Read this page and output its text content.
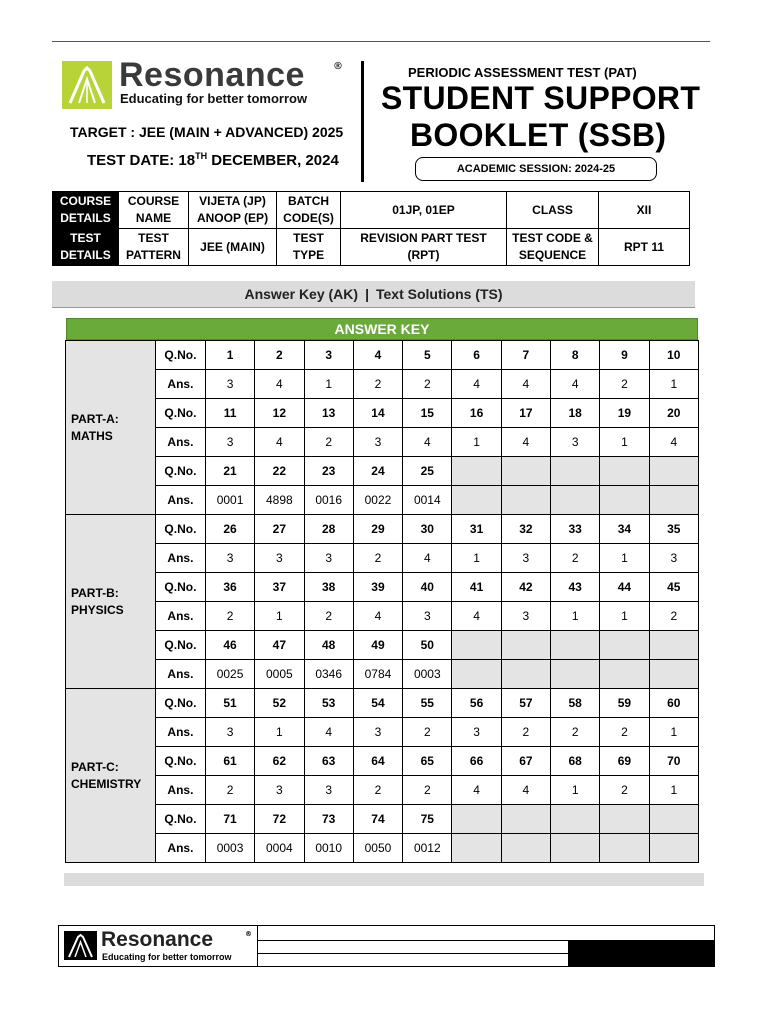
Resonance	®
Educating for better tomorrow
TARGET : JEE (MAIN + ADVANCED) 2025
TEST DATE: 18TH DECEMBER, 2024
PERIODIC ASSESSMENT TEST (PAT)
STUDENT SUPPORT
BOOKLET (SSB)
ACADEMIC SESSION: 2024-25
COURSE DETAILS	COURSE NAME	VIJETA (JP) ANOOP (EP)	BATCH CODE(S)	01JP, 01EP	CLASS	XII
TEST DETAILS	TEST PATTERN	JEE (MAIN)	TEST TYPE	REVISION PART TEST (RPT)	TEST CODE & SEQUENCE	RPT 11
Answer Key (AK) | Text Solutions (TS)
ANSWER KEY
PART-A: MATHS	Q.No.	1	2	3	4	5	6	7	8	9	10
	Ans.	3	4	1	2	2	4	4	4	2	1
	Q.No.	11	12	13	14	15	16	17	18	19	20
	Ans.	3	4	2	3	4	1	4	3	1	4
	Q.No.	21	22	23	24	25					
	Ans.	0001	4898	0016	0022	0014					
PART-B: PHYSICS	Q.No.	26	27	28	29	30	31	32	33	34	35
	Ans.	3	3	3	2	4	1	3	2	1	3
	Q.No.	36	37	38	39	40	41	42	43	44	45
	Ans.	2	1	2	4	3	4	3	1	1	2
	Q.No.	46	47	48	49	50					
	Ans.	0025	0005	0346	0784	0003					
PART-C: CHEMISTRY	Q.No.	51	52	53	54	55	56	57	58	59	60
	Ans.	3	1	4	3	2	3	2	2	2	1
	Q.No.	61	62	63	64	65	66	67	68	69	70
	Ans.	2	3	3	2	2	4	4	1	2	1
	Q.No.	71	72	73	74	75					
	Ans.	0003	0004	0010	0050	0012					
Resonance	®
Educating for better tomorrow
